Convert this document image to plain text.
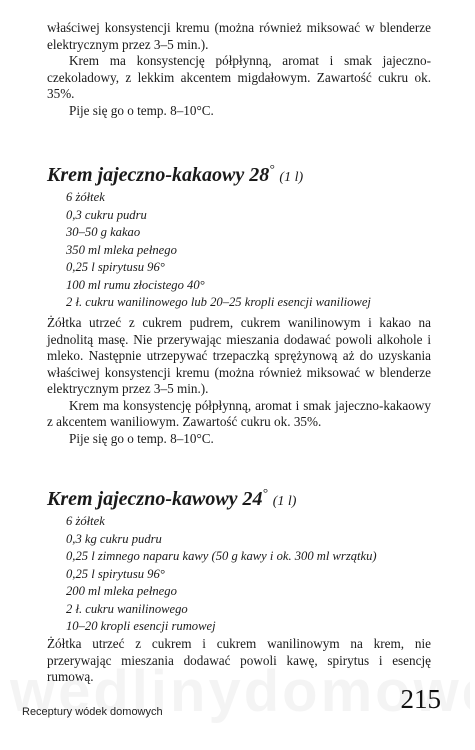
właściwej konsystencji kremu (można również miksować w blenderze elektrycznym przez 3–5 min.).

Krem ma konsystencję półpłynną, aromat i smak jajeczno-czekoladowy, z lekkim akcentem migdałowym. Zawartość cukru ok. 35%.

Pije się go o temp. 8–10°C.

Krem jajeczno-kakaowy 28° (1 l)
6 żółtek
0,3 cukru pudru
30–50 g kakao
350 ml mleka pełnego
0,25 l spirytusu 96°
100 ml rumu złocistego 40°
2 ł. cukru wanilinowego lub 20–25 kropli esencji waniliowej

Żółtka utrzeć z cukrem pudrem, cukrem wanilinowym i kakao na jednolitą masę. Nie przerywając mieszania dodawać powoli alkohole i mleko. Następnie utrzepywać trzepaczką sprężynową aż do uzyskania właściwej konsystencji kremu (można również miksować w blenderze elektrycznym przez 3–5 min.).

Krem ma konsystencję półpłynną, aromat i smak jajeczno-kakaowy z akcentem waniliowym. Zawartość cukru ok. 35%.

Pije się go o temp. 8–10°C.

Krem jajeczno-kawowy 24° (1 l)
6 żółtek
0,3 kg cukru pudru
0,25 l zimnego naparu kawy (50 g kawy i ok. 300 ml wrzątku)
0,25 l spirytusu 96°
200 ml mleka pełnego
2 ł. cukru wanilinowego
10–20 kropli esencji rumowej

Żółtka utrzeć z cukrem i cukrem wanilinowym na krem, nie przerywając mieszania dodawać powoli kawę, spirytus i esencję rumową.

Receptury wódek domowych	215
